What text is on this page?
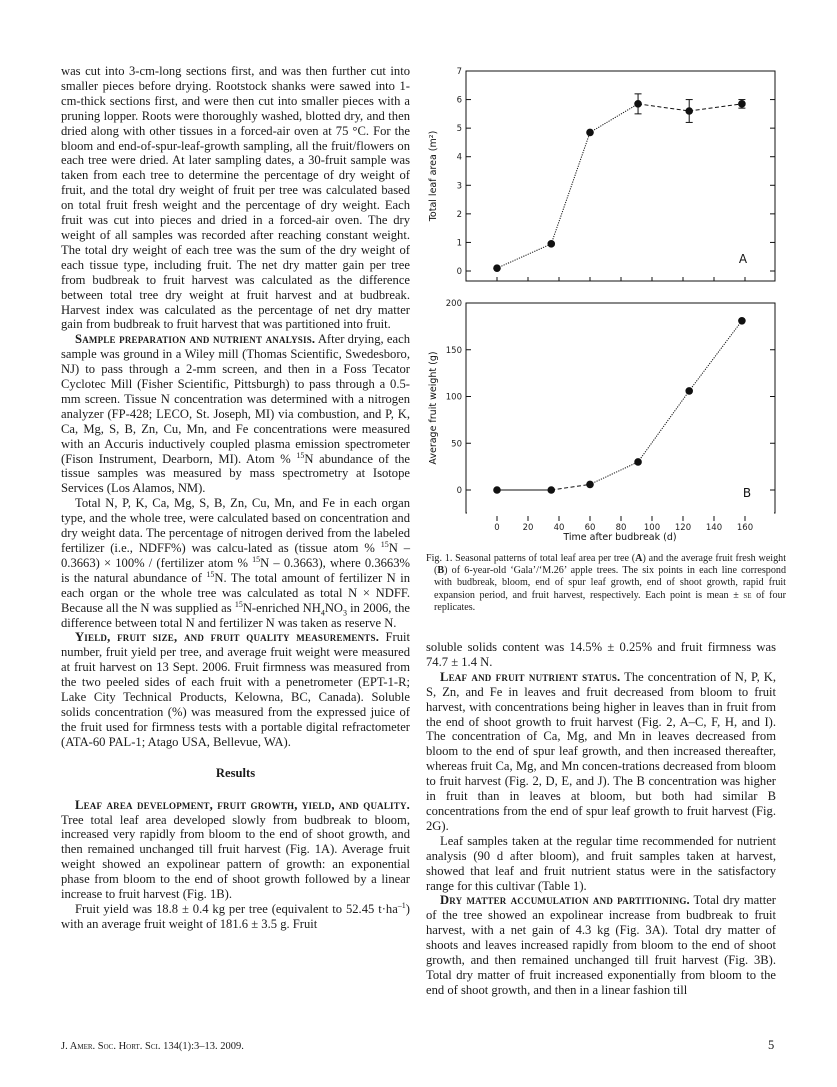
was cut into 3-cm-long sections first, and was then further cut into smaller pieces before drying. Rootstock shanks were sawed into 1-cm-thick sections first, and were then cut into smaller pieces with a pruning lopper. Roots were thoroughly washed, blotted dry, and then dried along with other tissues in a forced-air oven at 75 °C. For the bloom and end-of-spur-leaf-growth sampling, all the fruit/flowers on each tree were dried. At later sampling dates, a 30-fruit sample was taken from each tree to determine the percentage of dry weight of fruit, and the total dry weight of fruit per tree was calculated based on total fruit fresh weight and the percentage of dry weight. Each fruit was cut into pieces and dried in a forced-air oven. The dry weight of all samples was recorded after reaching constant weight. The total dry weight of each tree was the sum of the dry weight of each tissue type, including fruit. The net dry matter gain per tree from budbreak to fruit harvest was calculated as the difference between total tree dry weight at fruit harvest and at budbreak. Harvest index was calculated as the percentage of net dry matter gain from budbreak to fruit harvest that was partitioned into fruit.

Sample preparation and nutrient analysis. After drying, each sample was ground in a Wiley mill (Thomas Scientific, Swedesboro, NJ) to pass through a 2-mm screen, and then in a Foss Tecator Cyclotec Mill (Fisher Scientific, Pittsburgh) to pass through a 0.5-mm screen. Tissue N concentration was determined with a nitrogen analyzer (FP-428; LECO, St. Joseph, MI) via combustion, and P, K, Ca, Mg, S, B, Zn, Cu, Mn, and Fe concentrations were measured with an Accuris inductively coupled plasma emission spectrometer (Fison Instrument, Dearborn, MI). Atom % $^{15}$N abundance of the tissue samples was measured by mass spectrometry at Isotope Services (Los Alamos, NM).

Total N, P, K, Ca, Mg, S, B, Zn, Cu, Mn, and Fe in each organ type, and the whole tree, were calculated based on concentration and dry weight data. The percentage of nitrogen derived from the labeled fertilizer (i.e., NDFF%) was calcu-lated as (tissue atom % $^{15}$N – 0.3663) × 100% / (fertilizer atom % $^{15}$N – 0.3663), where 0.3663% is the natural abundance of $^{15}$N. The total amount of fertilizer N in each organ or the whole tree was calculated as total N × NDFF. Because all the N was supplied as $^{15}$N-enriched $NH_4NO_3$ in 2006, the difference between total N and fertilizer N was taken as reserve N.

Yield, fruit size, and fruit quality measurements. Fruit number, fruit yield per tree, and average fruit weight were measured at fruit harvest on 13 Sept. 2006. Fruit firmness was measured from the two peeled sides of each fruit with a penetrometer (EPT-1-R; Lake City Technical Products, Kelowna, BC, Canada). Soluble solids concentration (%) was measured from the expressed juice of the fruit used for firmness tests with a portable digital refractometer (ATA-60 PAL-1; Atago USA, Bellevue, WA).

Results

Leaf area development, fruit growth, yield, and quality. Tree total leaf area developed slowly from budbreak to bloom, increased very rapidly from bloom to the end of shoot growth, and then remained unchanged till fruit harvest (Fig. 1A). Average fruit weight showed an expolinear pattern of growth: an exponential phase from bloom to the end of shoot growth followed by a linear increase to fruit harvest (Fig. 1B).

Fruit yield was 18.8 ± 0.4 kg per tree (equivalent to 52.45 $t\cdot ha^{-1}$) with an average fruit weight of 181.6 ± 3.5 g. Fruit

0
1
2
3
4
5
6
7
Total leaf area (m²)
A
0
50
100
150
200
0	20 40 60 80 100 120 140 160
Average fruit weight (g)
Time after budbreak (d)
B
Fig. 1. Seasonal patterns of total leaf area per tree (A) and the average fruit fresh weight (B) of 6-year-old ‘Gala’/‘M.26’ apple trees. The six points in each line correspond with budbreak, bloom, end of spur leaf growth, end of shoot growth, rapid fruit expansion period, and fruit harvest, respectively. Each point is mean ± se of four replicates.

soluble solids content was 14.5% ± 0.25% and fruit firmness was 74.7 ± 1.4 N.

Leaf and fruit nutrient status. The concentration of N, P, K, S, Zn, and Fe in leaves and fruit decreased from bloom to fruit harvest, with concentrations being higher in leaves than in fruit from the end of shoot growth to fruit harvest (Fig. 2, A–C, F, H, and I). The concentration of Ca, Mg, and Mn in leaves decreased from bloom to the end of spur leaf growth, and then increased thereafter, whereas fruit Ca, Mg, and Mn concen-trations decreased from bloom to fruit harvest (Fig. 2, D, E, and J). The B concentration was higher in fruit than in leaves at bloom, but both had similar B concentrations from the end of spur leaf growth to fruit harvest (Fig. 2G).

Leaf samples taken at the regular time recommended for nutrient analysis (90 d after bloom), and fruit samples taken at harvest, showed that leaf and fruit nutrient status were in the satisfactory range for this cultivar (Table 1).

Dry matter accumulation and partitioning. Total dry matter of the tree showed an expolinear increase from budbreak to fruit harvest, with a net gain of 4.3 kg (Fig. 3A). Total dry matter of shoots and leaves increased rapidly from bloom to the end of shoot growth, and then remained unchanged till fruit harvest (Fig. 3B). Total dry matter of fruit increased exponentially from bloom to the end of shoot growth, and then in a linear fashion till

J. Amer. Soc. Hort. Sci. 134(1):3–13. 2009.	5
